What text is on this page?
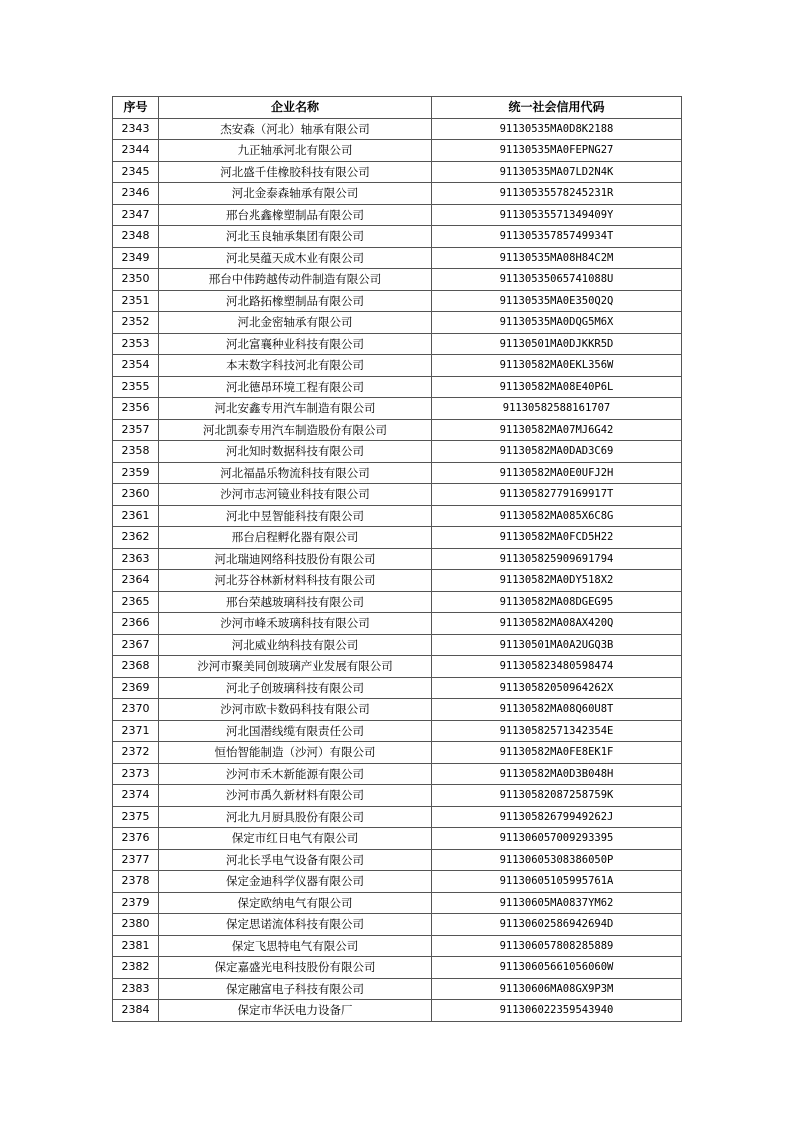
序号	企业名称	统一社会信用代码
2343	杰安森（河北）轴承有限公司	91130535MA0D8K2188
2344	九正轴承河北有限公司	91130535MA0FEPNG27
2345	河北盛千佳橡胶科技有限公司	91130535MA07LD2N4K
2346	河北金泰森轴承有限公司	91130535578245231R
2347	邢台兆鑫橡塑制品有限公司	91130535571349409Y
2348	河北玉良轴承集团有限公司	91130535785749934T
2349	河北昊蕴天成木业有限公司	91130535MA08H84C2M
2350	邢台中伟跨越传动件制造有限公司	91130535065741088U
2351	河北路拓橡塑制品有限公司	91130535MA0E350Q2Q
2352	河北金密轴承有限公司	91130535MA0DQG5M6X
2353	河北富襄种业科技有限公司	91130501MA0DJKKR5D
2354	本末数字科技河北有限公司	91130582MA0EKL356W
2355	河北德昂环境工程有限公司	91130582MA08E40P6L
2356	河北安鑫专用汽车制造有限公司	91130582588161707
2357	河北凯泰专用汽车制造股份有限公司	91130582MA07MJ6G42
2358	河北知时数据科技有限公司	91130582MA0DAD3C69
2359	河北福晶乐物流科技有限公司	91130582MA0E0UFJ2H
2360	沙河市志河镜业科技有限公司	91130582779169917T
2361	河北中昱智能科技有限公司	91130582MA085X6C8G
2362	邢台启程孵化器有限公司	91130582MA0FCD5H22
2363	河北瑞迪网络科技股份有限公司	911305825909691794
2364	河北芬谷林新材料科技有限公司	91130582MA0DY518X2
2365	邢台荣越玻璃科技有限公司	91130582MA08DGEG95
2366	沙河市峰禾玻璃科技有限公司	91130582MA08AX420Q
2367	河北威业纳科技有限公司	91130501MA0A2UGQ3B
2368	沙河市聚美同创玻璃产业发展有限公司	911305823480598474
2369	河北子创玻璃科技有限公司	91130582050964262X
2370	沙河市欧卡数码科技有限公司	91130582MA08Q60U8T
2371	河北国潜线缆有限责任公司	91130582571342354E
2372	恒怡智能制造（沙河）有限公司	91130582MA0FE8EK1F
2373	沙河市禾木新能源有限公司	91130582MA0D3B048H
2374	沙河市禹久新材料有限公司	91130582087258759K
2375	河北九月厨具股份有限公司	91130582679949262J
2376	保定市红日电气有限公司	911306057009293395
2377	河北长孚电气设备有限公司	91130605308386050P
2378	保定金迪科学仪器有限公司	91130605105995761A
2379	保定欧纳电气有限公司	91130605MA0837YM62
2380	保定思诺流体科技有限公司	91130602586942694D
2381	保定飞思特电气有限公司	911306057808285889
2382	保定嘉盛光电科技股份有限公司	91130605661056060W
2383	保定融富电子科技有限公司	91130606MA08GX9P3M
2384	保定市华沃电力设备厂	911306022359543940
